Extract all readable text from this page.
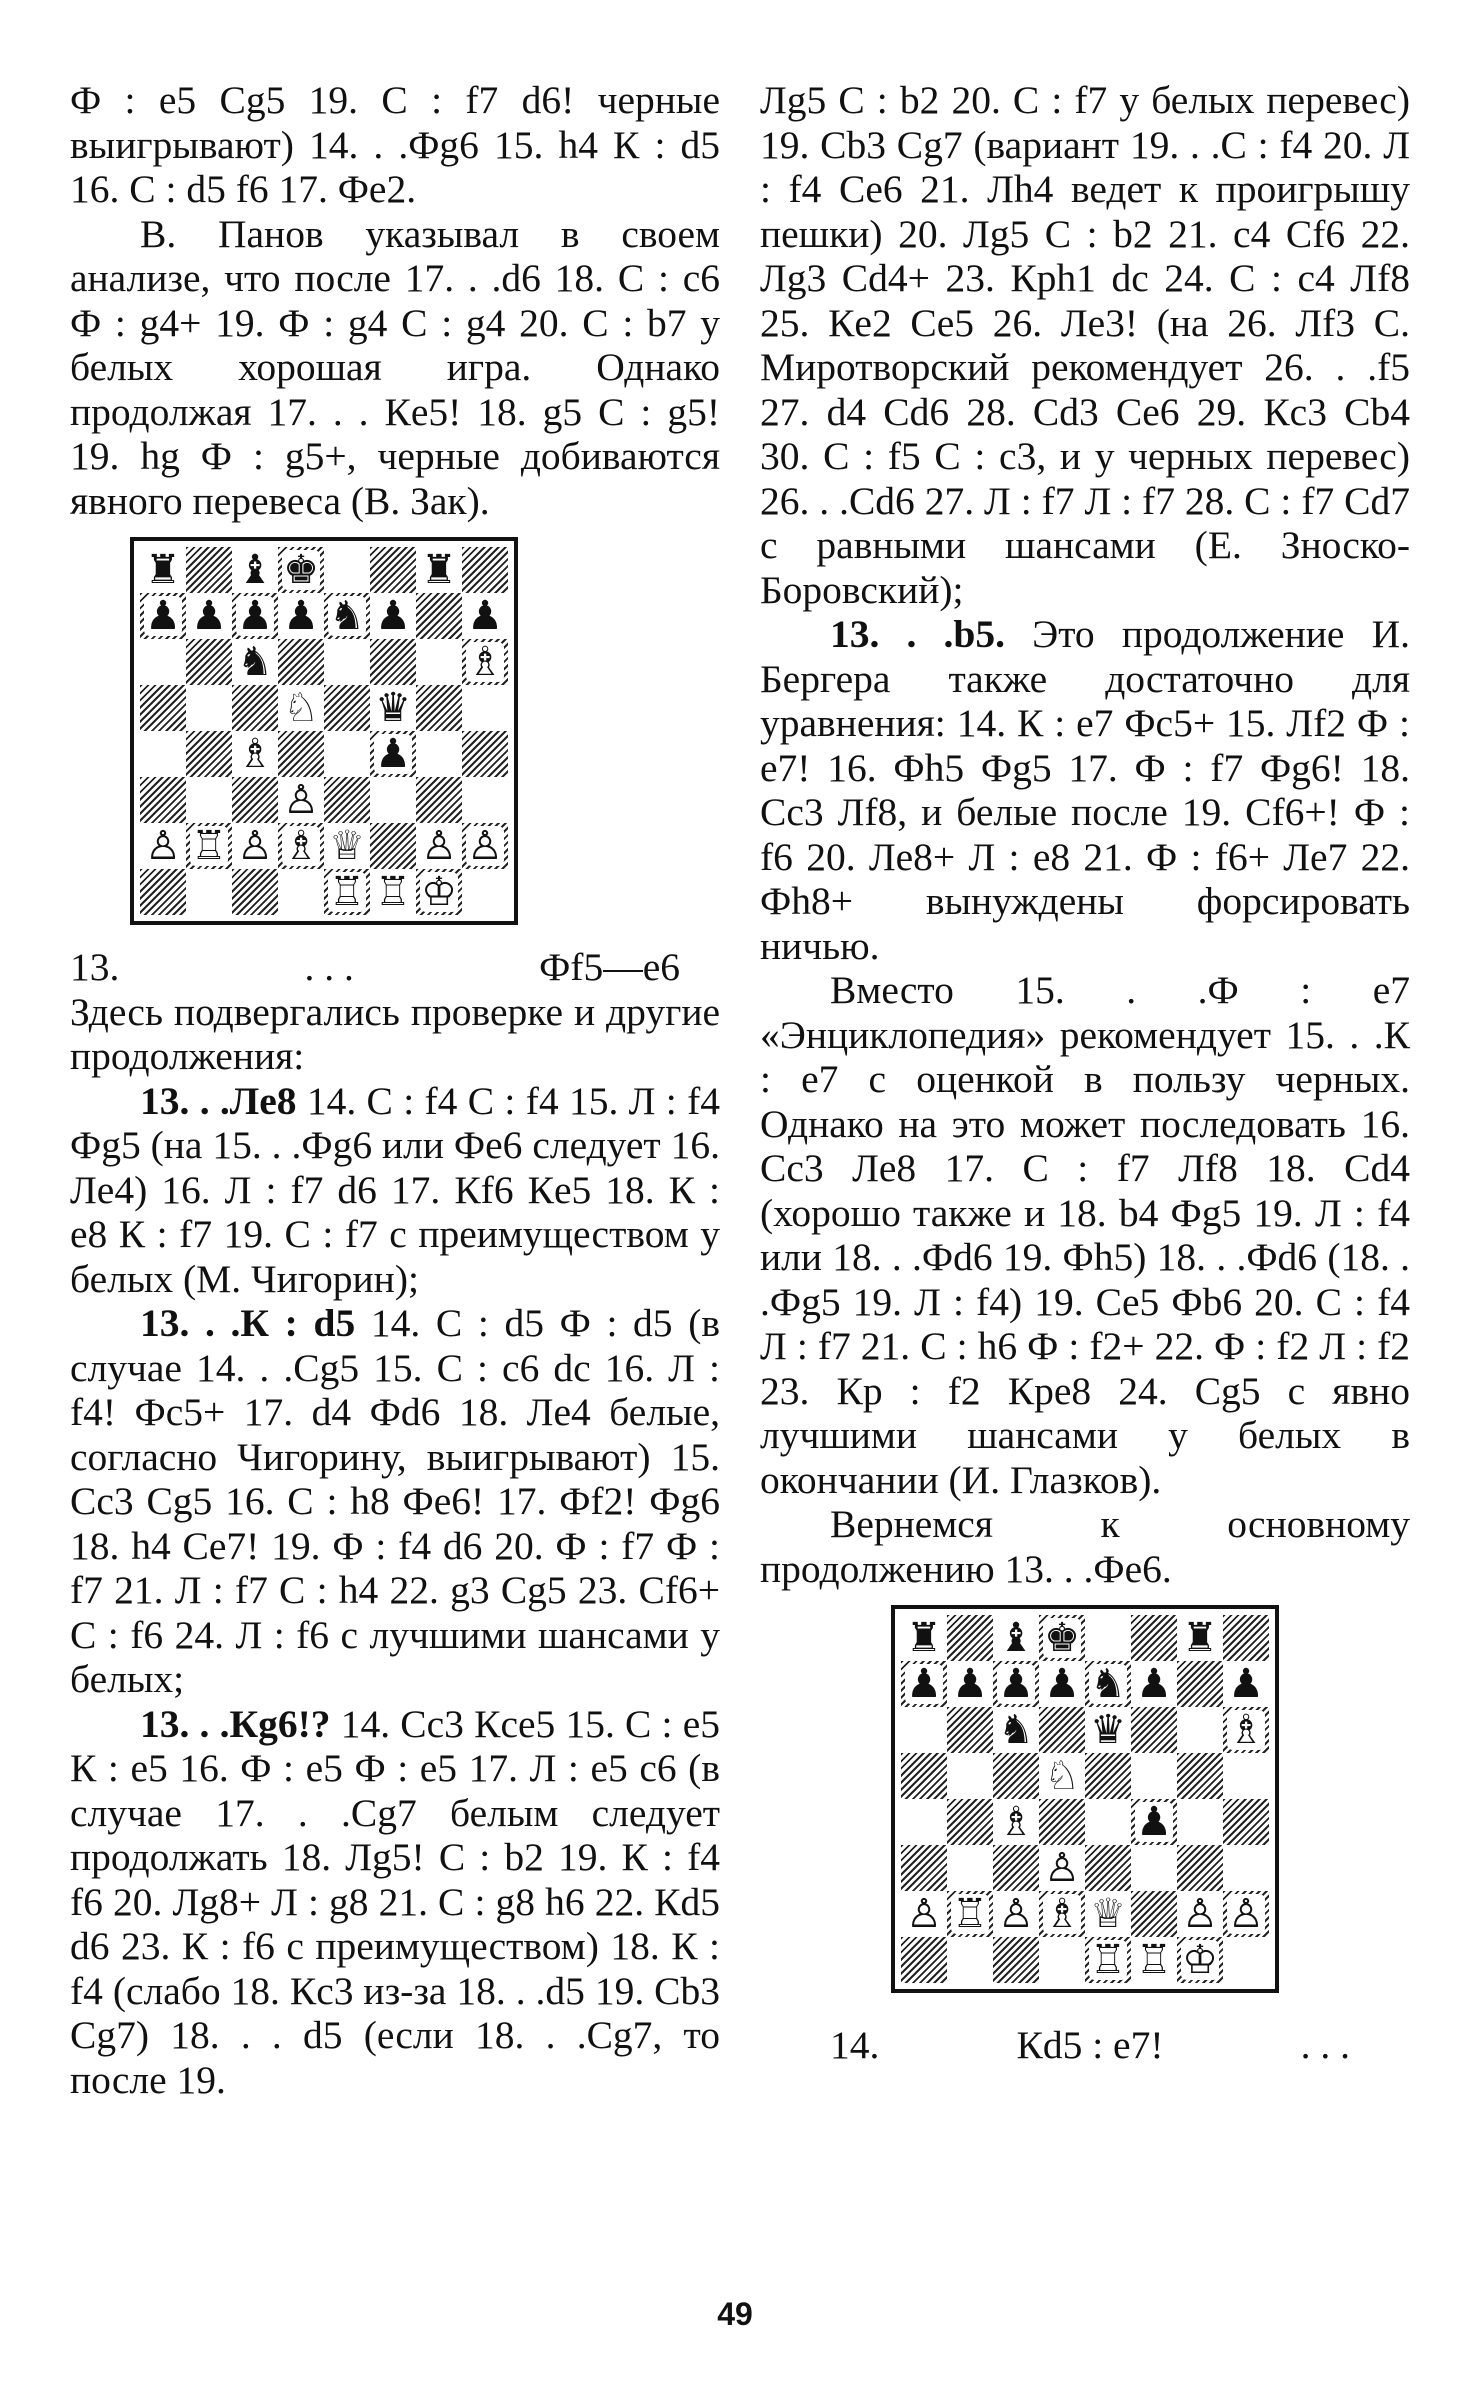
Ф : e5 Cg5 19. C : f7 d6! черные выигрывают) 14. . .Фg6 15. h4 К : d5 16. C : d5 f6 17. Фe2.

В. Панов указывал в своем анализе, что после 17. . .d6 18. C : c6 Ф : g4+ 19. Ф : g4 C : g4 20. C : b7 у белых хорошая игра. Однако продолжая 17. . . Кe5! 18. g5 C : g5! 19. hg Ф : g5+, черные добиваются явного перевеса (В. Зак).

♜ ♝ ♚	♜
♟ ♟ ♟ ♟ ♞ ♟ ♟
♞	♗
♘ ♛
♗	♟
♙
♙ ♖ ♙ ♗ ♕ ♙ ♙
♖ ♖ ♔
13.	. . .	Фf5—e6

Здесь подвергались проверке и другие продолжения:

13. . .Лe8 14. C : f4 C : f4 15. Л : f4 Фg5 (на 15. . .Фg6 или Фe6 следует 16. Лe4) 16. Л : f7 d6 17. Кf6 Кe5 18. К : e8 К : f7 19. C : f7 с преимуществом у белых (М. Чигорин);

13. . .К : d5 14. C : d5 Ф : d5 (в случае 14. . .Cg5 15. C : c6 dc 16. Л : f4! Фc5+ 17. d4 Фd6 18. Лe4 белые, согласно Чигорину, выигрывают) 15. Cc3 Cg5 16. C : h8 Фe6! 17. Фf2! Фg6 18. h4 Ce7! 19. Ф : f4 d6 20. Ф : f7 Ф : f7 21. Л : f7 C : h4 22. g3 Cg5 23. Cf6+ C : f6 24. Л : f6 с лучшими шансами у белых;

13. . .Кg6!? 14. Cc3 Кce5 15. C : e5 К : e5 16. Ф : e5 Ф : e5 17. Л : e5 c6 (в случае 17. . .Cg7 белым следует продолжать 18. Лg5! C : b2 19. К : f4 f6 20. Лg8+ Л : g8 21. C : g8 h6 22. Кd5 d6 23. К : f6 с преимуществом) 18. К : f4 (слабо 18. Кc3 из-за 18. . .d5 19. Cb3 Cg7) 18. . . d5 (если 18. . .Cg7, то после 19.

Лg5 C : b2 20. C : f7 у белых перевес) 19. Cb3 Cg7 (вариант 19. . .C : f4 20. Л : f4 Ce6 21. Лh4 ведет к проигрышу пешки) 20. Лg5 C : b2 21. c4 Cf6 22. Лg3 Cd4+ 23. Крh1 dc 24. C : c4 Лf8 25. Кe2 Ce5 26. Лe3! (на 26. Лf3 С. Миротворский рекомендует 26. . .f5 27. d4 Cd6 28. Cd3 Ce6 29. Кc3 Cb4 30. C : f5 C : c3, и у черных перевес) 26. . .Cd6 27. Л : f7 Л : f7 28. C : f7 Cd7 с равными шансами (Е. Зноско-Боровский);

13. . .b5. Это продолжение И. Бергера также достаточно для уравнения: 14. К : e7 Фc5+ 15. Лf2 Ф : e7! 16. Фh5 Фg5 17. Ф : f7 Фg6! 18. Cc3 Лf8, и белые после 19. Cf6+! Ф : f6 20. Лe8+ Л : e8 21. Ф : f6+ Лe7 22. Фh8+ вынуждены форсировать ничью.

Вместо 15. . .Ф : e7 «Энциклопедия» рекомендует 15. . .К : e7 с оценкой в пользу черных. Однако на это может последовать 16. Cc3 Лe8 17. C : f7 Лf8 18. Cd4 (хорошо также и 18. b4 Фg5 19. Л : f4 или 18. . .Фd6 19. Фh5) 18. . .Фd6 (18. . .Фg5 19. Л : f4) 19. Ce5 Фb6 20. C : f4 Л : f7 21. C : h6 Ф : f2+ 22. Ф : f2 Л : f2 23. Кр : f2 Крe8 24. Cg5 с явно лучшими шансами у белых в окончании (И. Глазков).

Вернемся к основному продолжению 13. . .Фe6.

♜ ♝ ♚	♜
♟ ♟ ♟ ♟ ♞ ♟ ♟
♞ ♛	♗
♘
♗	♟
♙
♙ ♖ ♙ ♗ ♕ ♙ ♙
♖ ♖ ♔
14.	Кd5 : e7!	. . .
49
